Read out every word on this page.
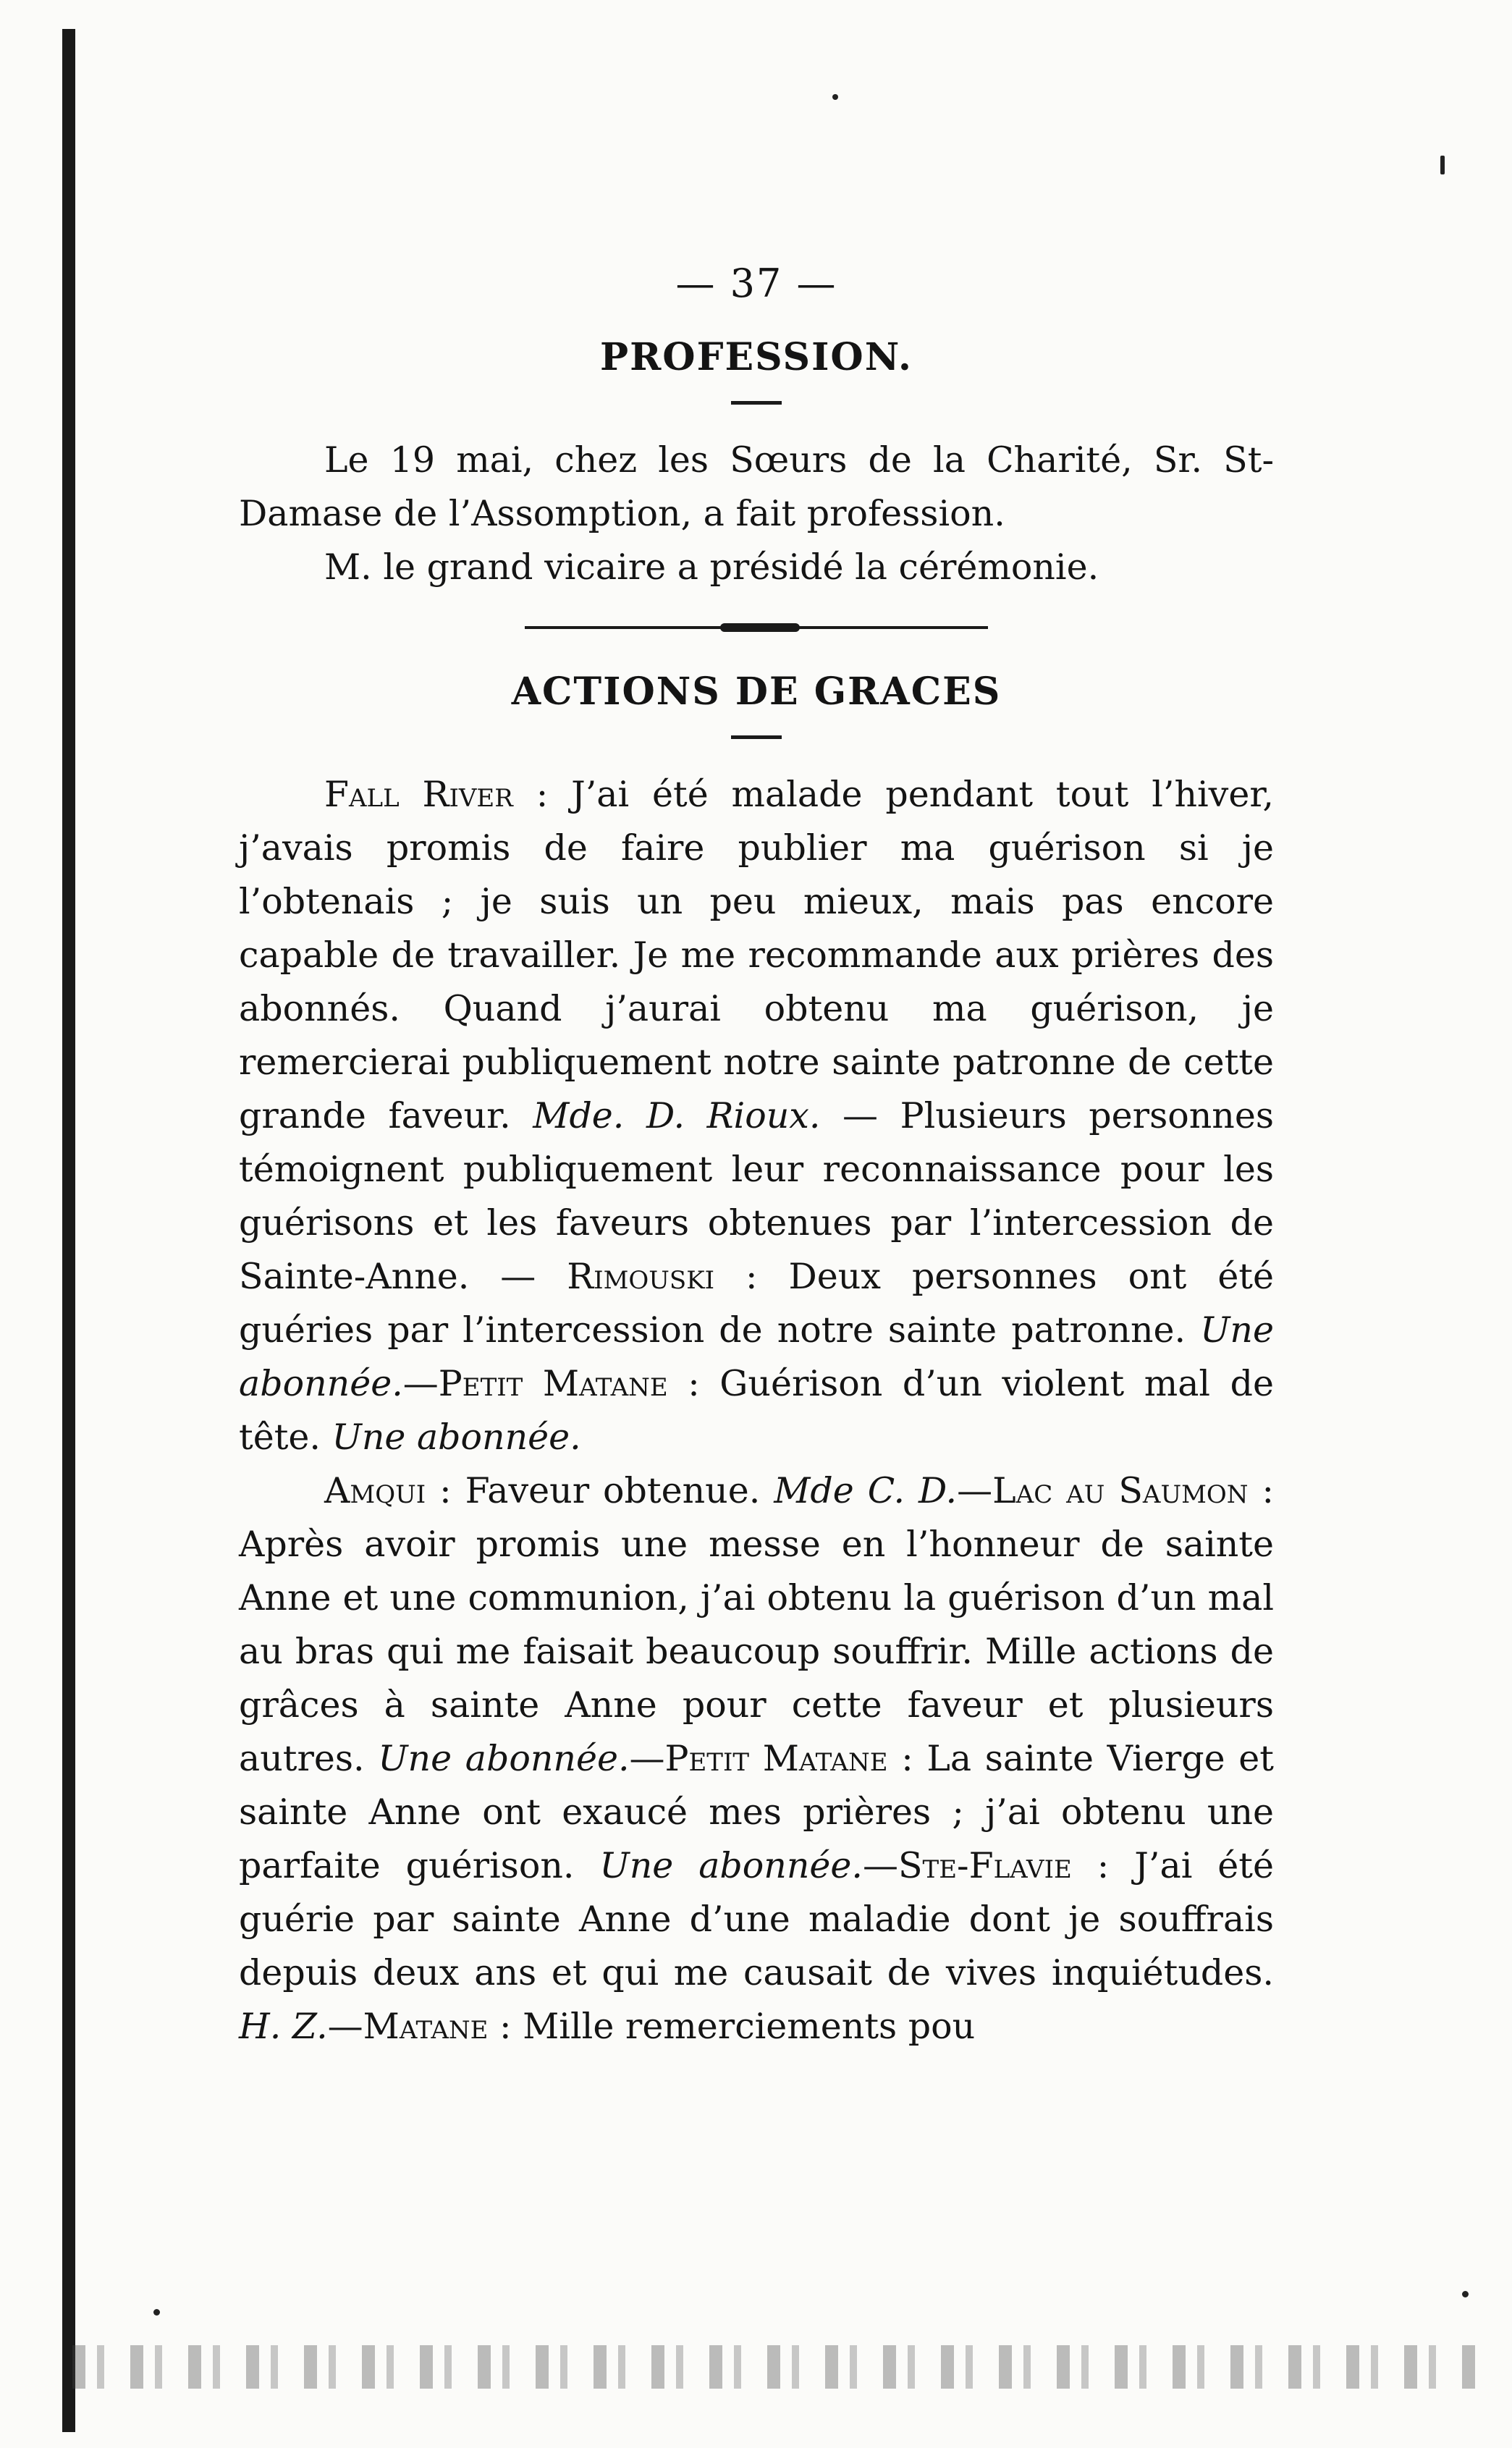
— 37 —
PROFESSION.

Le 19 mai, chez les Sœurs de la Charité, Sr. St-Damase de l’Assomption, a fait profession.

M. le grand vicaire a présidé la cérémonie.

ACTIONS DE GRACES

Fall River : J’ai été malade pendant tout l’hiver, j’avais promis de faire publier ma guérison si je l’obtenais ; je suis un peu mieux, mais pas encore capable de travailler. Je me recommande aux prières des abonnés. Quand j’aurai obtenu ma guérison, je remercierai publiquement notre sainte patronne de cette grande faveur. Mde. D. Rioux. — Plusieurs personnes témoignent publiquement leur reconnaissance pour les guérisons et les faveurs obtenues par l’intercession de Sainte-Anne. — Rimouski : Deux personnes ont été guéries par l’intercession de notre sainte patronne. Une abonnée.—Petit Matane : Guérison d’un violent mal de tête. Une abonnée.

Amqui : Faveur obtenue. Mde C. D.—Lac au Saumon : Après avoir promis une messe en l’honneur de sainte Anne et une communion, j’ai obtenu la guérison d’un mal au bras qui me faisait beaucoup souffrir. Mille actions de grâces à sainte Anne pour cette faveur et plusieurs autres. Une abonnée.—Petit Matane : La sainte Vierge et sainte Anne ont exaucé mes prières ; j’ai obtenu une parfaite guérison. Une abonnée.—Ste-Flavie : J’ai été guérie par sainte Anne d’une maladie dont je souffrais depuis deux ans et qui me causait de vives inquiétudes. H. Z.—Matane : Mille remerciements pou
